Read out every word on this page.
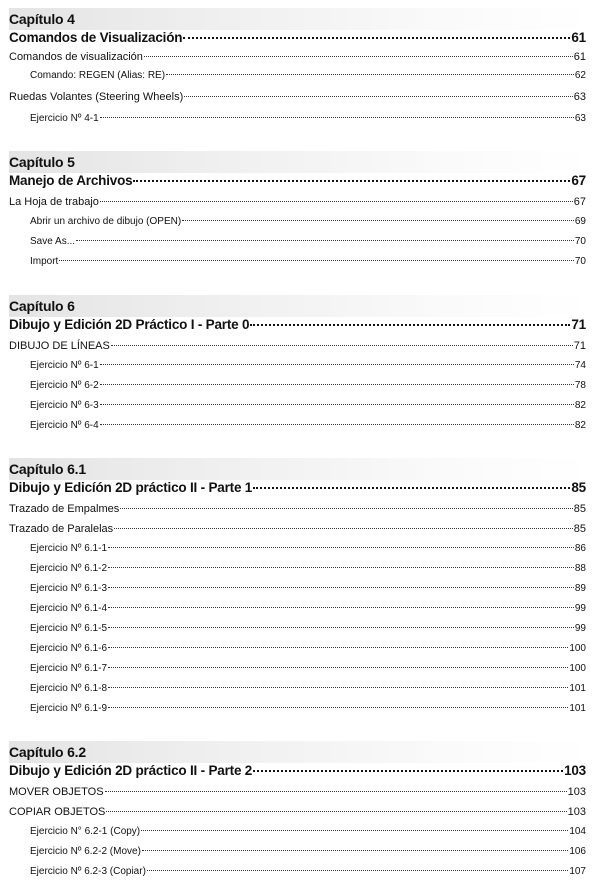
Capítulo 4
Comandos de Visualización	61
Comandos de visualización	61
Comando: REGEN (Alias: RE)	62
Ruedas Volantes (Steering Wheels)	63
Ejercicio Nº 4-1	63
Capítulo 5
Manejo de Archivos	67
La Hoja de trabajo	67
Abrir un archivo de dibujo (OPEN)	69
Save As...	70
Import	70
Capítulo 6
Dibujo y Edición 2D Práctico I - Parte 0	71
DIBUJO DE LÍNEAS	71
Ejercicio Nº 6-1	74
Ejercicio Nº 6-2	78
Ejercicio Nº 6-3	82
Ejercicio Nº 6-4	82
Capítulo 6.1
Dibujo y Edicíón 2D práctico II - Parte 1	85
Trazado de Empalmes	85
Trazado de Paralelas	85
Ejercicio Nº 6.1-1	86
Ejercicio Nº 6.1-2	88
Ejercicio Nº 6.1-3	89
Ejercicio Nº 6.1-4	99
Ejercicio Nº 6.1-5	99
Ejercicio Nº 6.1-6	100
Ejercicio Nº 6.1-7	100
Ejercicio Nº 6.1-8	101
Ejercicio Nº 6.1-9	101
Capítulo 6.2
Dibujo y Edición 2D práctico II - Parte 2	103
MOVER OBJETOS	103
COPIAR OBJETOS	103
Ejercicio N° 6.2-1 (Copy)	104
Ejercicio Nº 6.2-2 (Move)	106
Ejercicio Nº 6.2-3 (Copiar)	107
